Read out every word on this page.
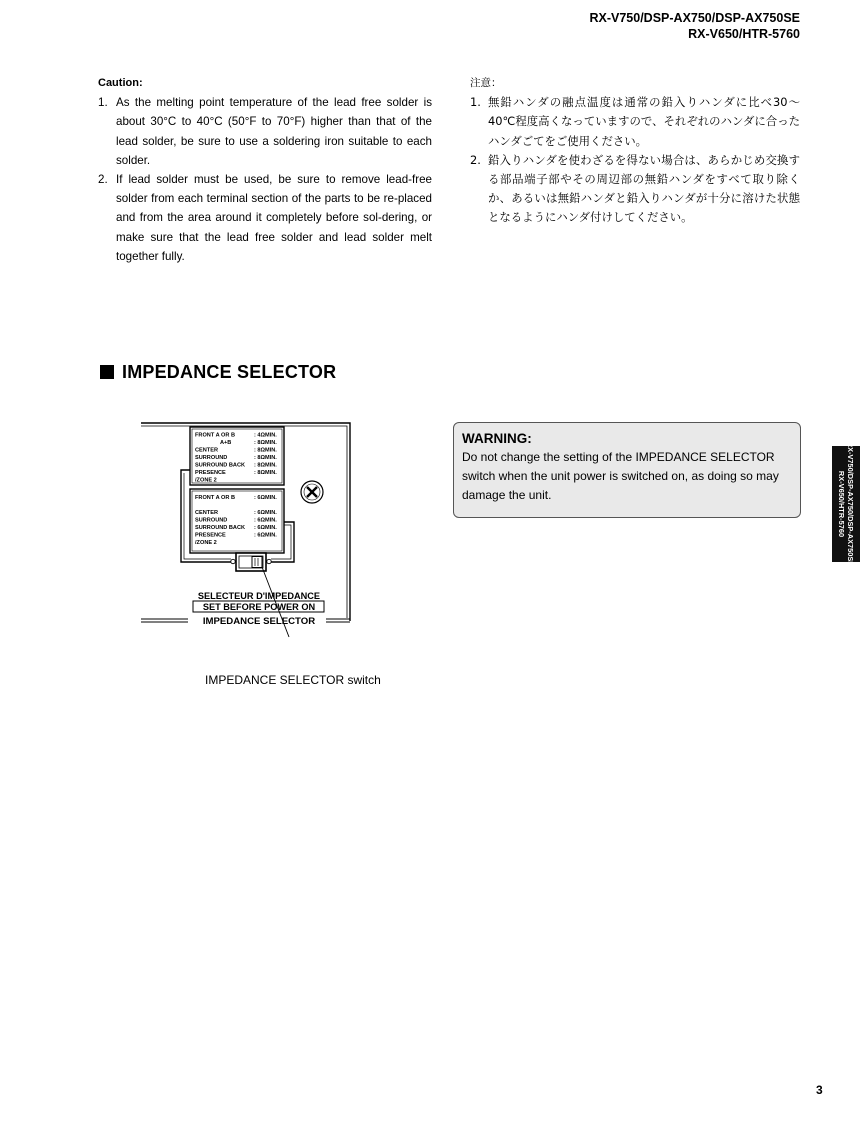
RX-V750/DSP-AX750/DSP-AX750SE
RX-V650/HTR-5760
Caution:
1. As the melting point temperature of the lead free solder is about 30°C to 40°C (50°F to 70°F) higher than that of the lead solder, be sure to use a soldering iron suitable to each solder.
2. If lead solder must be used, be sure to remove lead-free solder from each terminal section of the parts to be re-placed and from the area around it completely before sol-dering, or make sure that the lead free solder and lead solder melt together fully.
注意：
1. 無鉛ハンダの融点温度は通常の鉛入りハンダに比べ30～40℃程度高くなっていますので、それぞれのハンダに合ったハンダごてをご使用ください。
2. 鉛入りハンダを使わざるを得ない場合は、あらかじめ交換する部品端子部やその周辺部の無鉛ハンダをすべて取り除くか、あるいは無鉛ハンダと鉛入りハンダが十分に溶けた状態となるようにハンダ付けしてください。
IMPEDANCE SELECTOR
FRONT A OR B	: 4ΩMIN.
A+B	: 8ΩMIN.
CENTER	: 8ΩMIN.
SURROUND	: 8ΩMIN.
SURROUND BACK : 8ΩMIN.
PRESENCE	: 8ΩMIN.
/ZONE 2
FRONT A OR B	: 6ΩMIN.
CENTER	: 6ΩMIN.
SURROUND	: 6ΩMIN.
SURROUND BACK : 6ΩMIN.
PRESENCE	: 6ΩMIN.
/ZONE 2
SELECTEUR D'IMPEDANCE
SET BEFORE POWER ON
IMPEDANCE SELECTOR
IMPEDANCE SELECTOR switch
WARNING:
Do not change the setting of the IMPEDANCE SELECTOR switch when the unit power is switched on, as doing so may damage the unit.	RX-V750/DSP-AX750/DSP-AX750SE
RX-V650/HTR-5760
3
